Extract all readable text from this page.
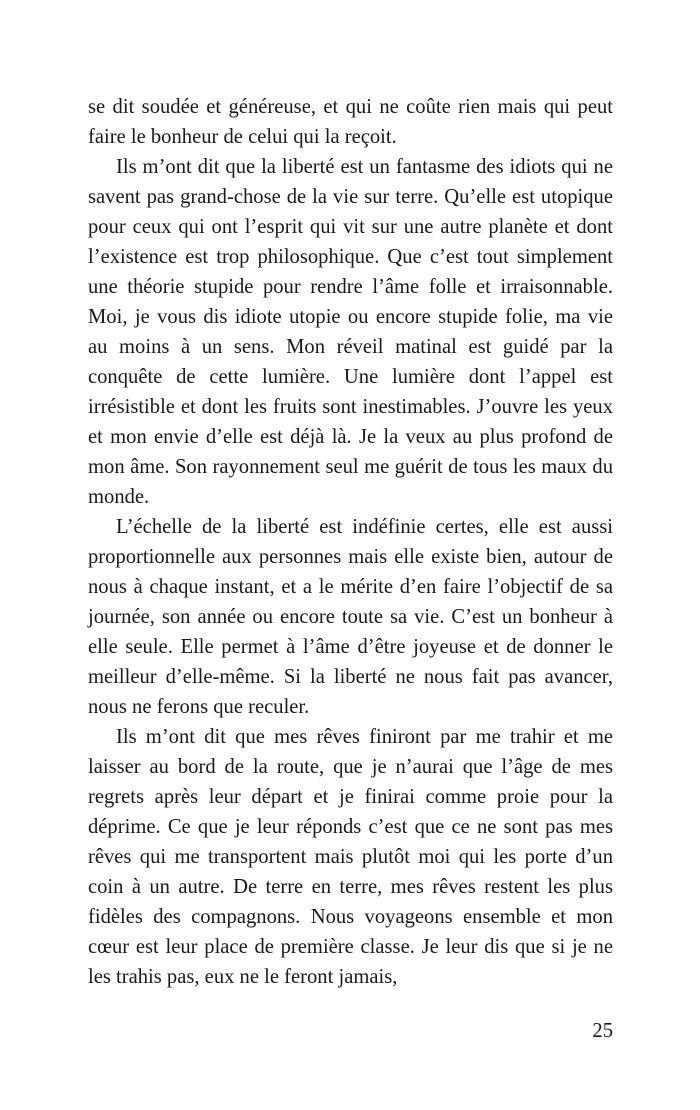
se dit soudée et généreuse, et qui ne coûte rien mais qui peut faire le bonheur de celui qui la reçoit.

Ils m’ont dit que la liberté est un fantasme des idiots qui ne savent pas grand-chose de la vie sur terre. Qu’elle est utopique pour ceux qui ont l’esprit qui vit sur une autre planète et dont l’existence est trop philosophique. Que c’est tout simplement une théorie stupide pour rendre l’âme folle et irraisonnable. Moi, je vous dis idiote utopie ou encore stupide folie, ma vie au moins à un sens. Mon réveil matinal est guidé par la conquête de cette lumière. Une lumière dont l’appel est irrésistible et dont les fruits sont inestimables. J’ouvre les yeux et mon envie d’elle est déjà là. Je la veux au plus profond de mon âme. Son rayonnement seul me guérit de tous les maux du monde.

L’échelle de la liberté est indéfinie certes, elle est aussi proportionnelle aux personnes mais elle existe bien, autour de nous à chaque instant, et a le mérite d’en faire l’objectif de sa journée, son année ou encore toute sa vie. C’est un bonheur à elle seule. Elle permet à l’âme d’être joyeuse et de donner le meilleur d’elle-même. Si la liberté ne nous fait pas avancer, nous ne ferons que reculer.

Ils m’ont dit que mes rêves finiront par me trahir et me laisser au bord de la route, que je n’aurai que l’âge de mes regrets après leur départ et je finirai comme proie pour la déprime. Ce que je leur réponds c’est que ce ne sont pas mes rêves qui me transportent mais plutôt moi qui les porte d’un coin à un autre. De terre en terre, mes rêves restent les plus fidèles des compagnons. Nous voyageons ensemble et mon cœur est leur place de première classe. Je leur dis que si je ne les trahis pas, eux ne le feront jamais,

25
